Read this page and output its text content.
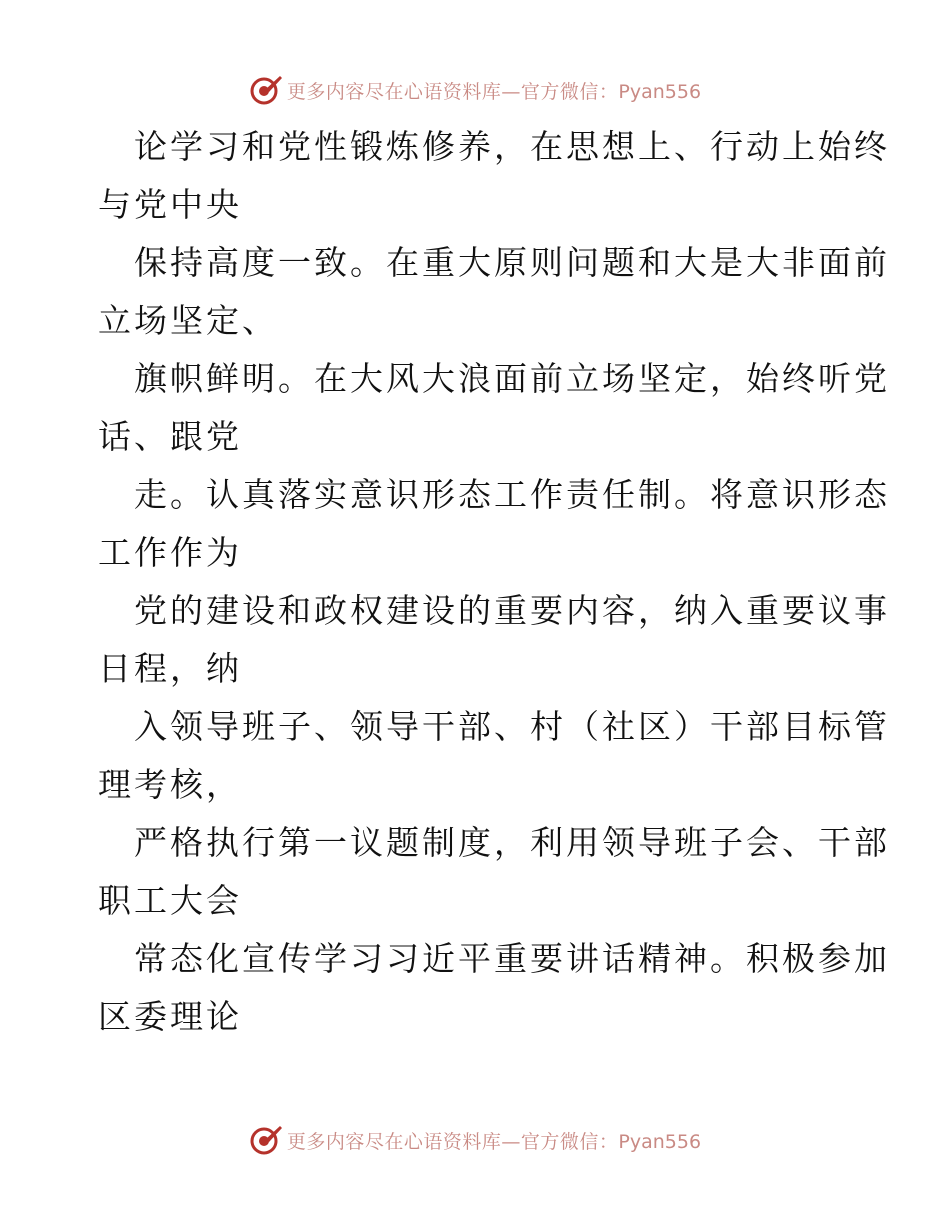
更多内容尽在心语资料库—官方微信：Pyan556
论学习和党性锻炼修养，在思想上、行动上始终
与党中央
保持高度一致。在重大原则问题和大是大非面前
立场坚定、
旗帜鲜明。在大风大浪面前立场坚定，始终听党
话、跟党
走。认真落实意识形态工作责任制。将意识形态
工作作为
党的建设和政权建设的重要内容，纳入重要议事
日程，纳
入领导班子、领导干部、村（社区）干部目标管
理考核，
严格执行第一议题制度，利用领导班子会、干部
职工大会
常态化宣传学习习近平重要讲话精神。积极参加
区委理论
更多内容尽在心语资料库—官方微信：Pyan556
